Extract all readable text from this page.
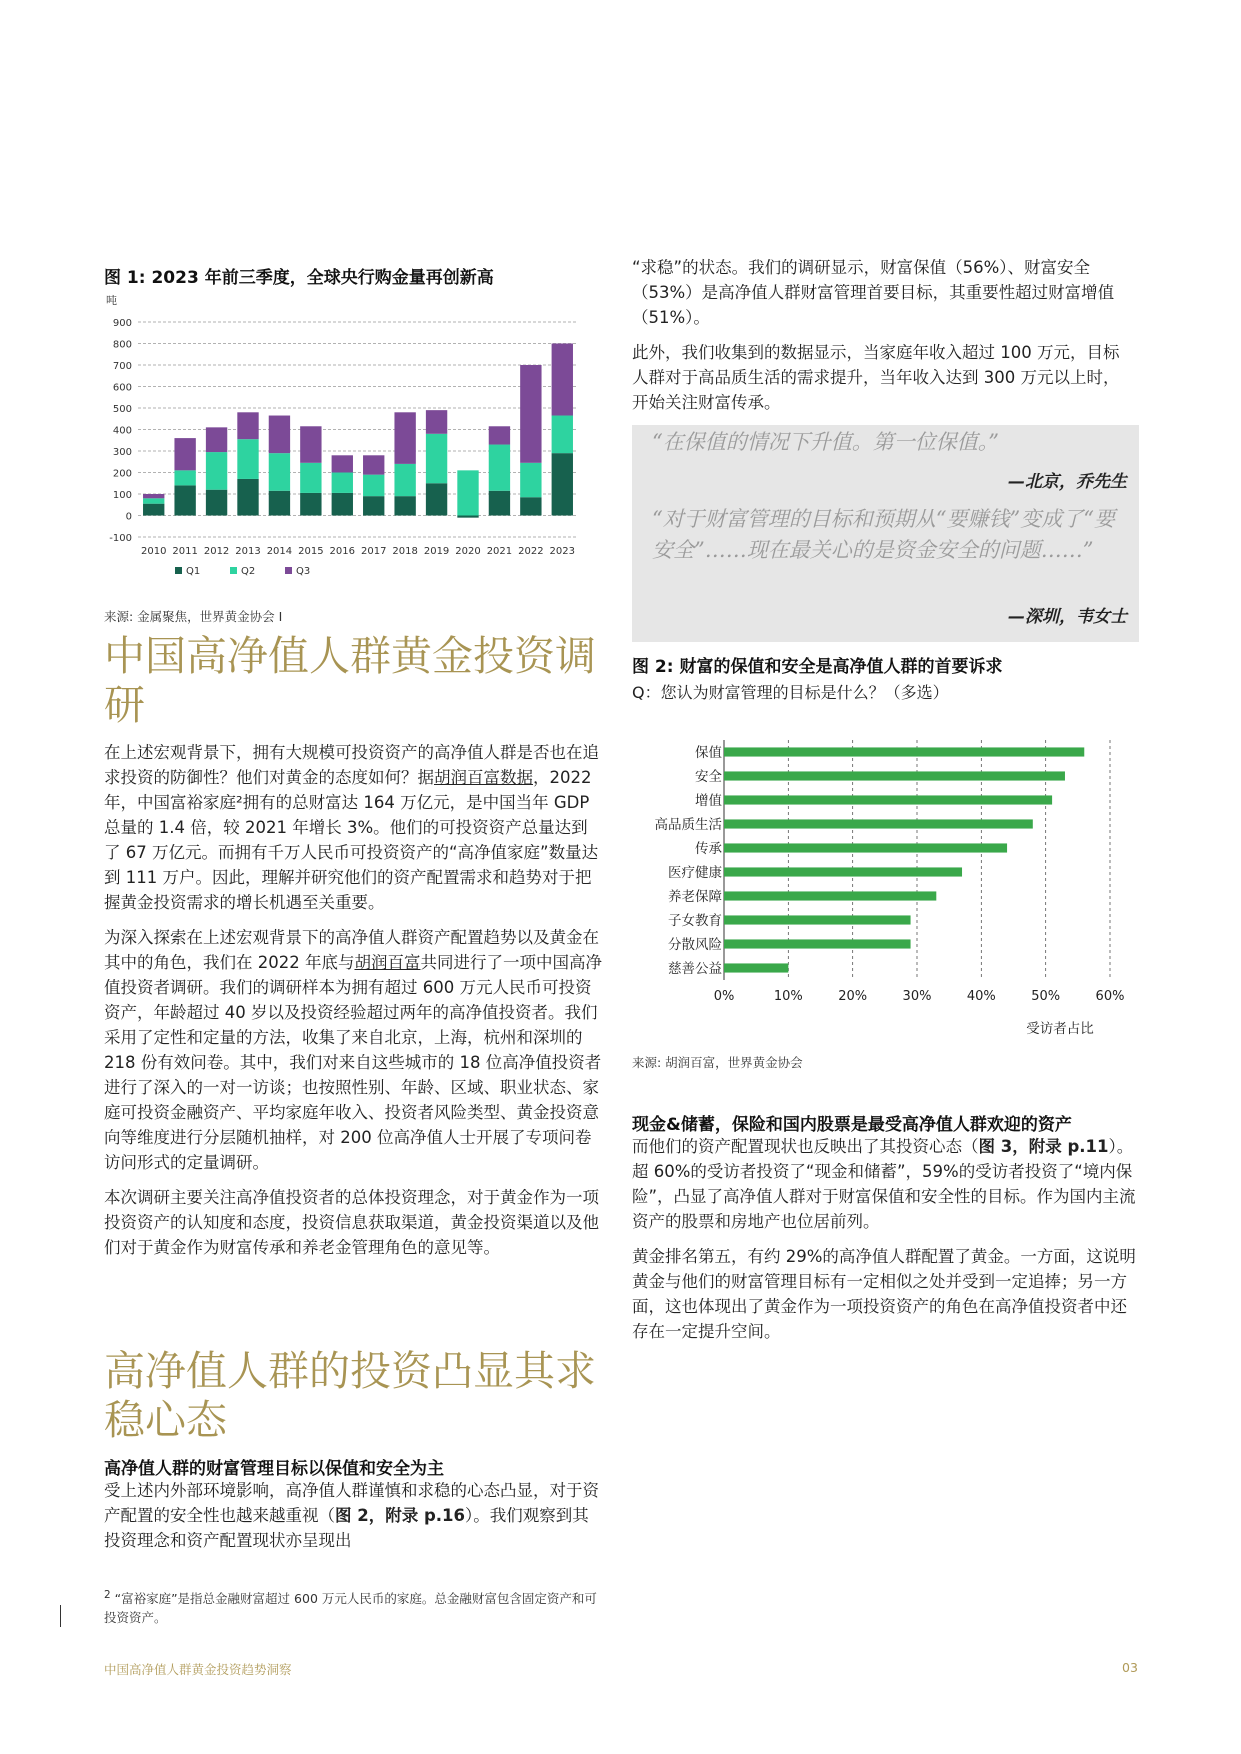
图 1: 2023 年前三季度，全球央行购金量再创新高
吨
-100
0
100
200
300
400
500
600
700
800
900
2010 2011 2012 2013 2014 2015 2016 2017 2018 2019 2020 2021 2022 2023
Q1	Q2	Q3
来源: 金属聚焦，世界黄金协会 I
中国高净值人群黄金投资调研

在上述宏观背景下，拥有大规模可投资资产的高净值人群是否也在追求投资的防御性？他们对黄金的态度如何？据胡润百富数据，2022 年，中国富裕家庭²拥有的总财富达 164 万亿元，是中国当年 GDP 总量的 1.4 倍，较 2021 年增长 3%。他们的可投资资产总量达到了 67 万亿元。而拥有千万人民币可投资资产的“高净值家庭”数量达到 111 万户。因此，理解并研究他们的资产配置需求和趋势对于把握黄金投资需求的增长机遇至关重要。

为深入探索在上述宏观背景下的高净值人群资产配置趋势以及黄金在其中的角色，我们在 2022 年底与胡润百富共同进行了一项中国高净值投资者调研。我们的调研样本为拥有超过 600 万元人民币可投资资产，年龄超过 40 岁以及投资经验超过两年的高净值投资者。我们采用了定性和定量的方法，收集了来自北京，上海，杭州和深圳的 218 份有效问卷。其中，我们对来自这些城市的 18 位高净值投资者进行了深入的一对一访谈；也按照性别、年龄、区域、职业状态、家庭可投资金融资产、平均家庭年收入、投资者风险类型、黄金投资意向等维度进行分层随机抽样，对 200 位高净值人士开展了专项问卷访问形式的定量调研。

本次调研主要关注高净值投资者的总体投资理念，对于黄金作为一项投资资产的认知度和态度，投资信息获取渠道，黄金投资渠道以及他们对于黄金作为财富传承和养老金管理角色的意见等。

高净值人群的投资凸显其求稳心态
高净值人群的财富管理目标以保值和安全为主

受上述内外部环境影响，高净值人群谨慎和求稳的心态凸显，对于资产配置的安全性也越来越重视（图 2，附录 p.16）。我们观察到其投资理念和资产配置现状亦呈现出

$^2$ “富裕家庭”是指总金融财富超过 600 万元人民币的家庭。总金融财富包含固定资产和可投资资产。
中国高净值人群黄金投资趋势洞察	03

“求稳”的状态。我们的调研显示，财富保值（56%）、财富安全（53%）是高净值人群财富管理首要目标，其重要性超过财富增值（51%）。

此外，我们收集到的数据显示，当家庭年收入超过 100 万元，目标人群对于高品质生活的需求提升，当年收入达到 300 万元以上时，开始关注财富传承。

“在保值的情况下升值。第一位保值。”
—北京，乔先生
“对于财富管理的目标和预期从“要赚钱”变成了“要安全”……现在最关心的是资金安全的问题……”
—深圳，韦女士
图 2: 财富的保值和安全是高净值人群的首要诉求
Q：您认为财富管理的目标是什么？（多选）
0%	10%	20%	30%	40%	50%	60%
保值
安全
增值
高品质生活
传承
医疗健康
养老保障
子女教育
分散风险
慈善公益
受访者占比
来源: 胡润百富，世界黄金协会
现金&储蓄，保险和国内股票是最受高净值人群欢迎的资产

而他们的资产配置现状也反映出了其投资心态（图 3，附录 p.11）。超 60%的受访者投资了“现金和储蓄”，59%的受访者投资了“境内保险”，凸显了高净值人群对于财富保值和安全性的目标。作为国内主流资产的股票和房地产也位居前列。

黄金排名第五，有约 29%的高净值人群配置了黄金。一方面，这说明黄金与他们的财富管理目标有一定相似之处并受到一定追捧；另一方面，这也体现出了黄金作为一项投资资产的角色在高净值投资者中还存在一定提升空间。
